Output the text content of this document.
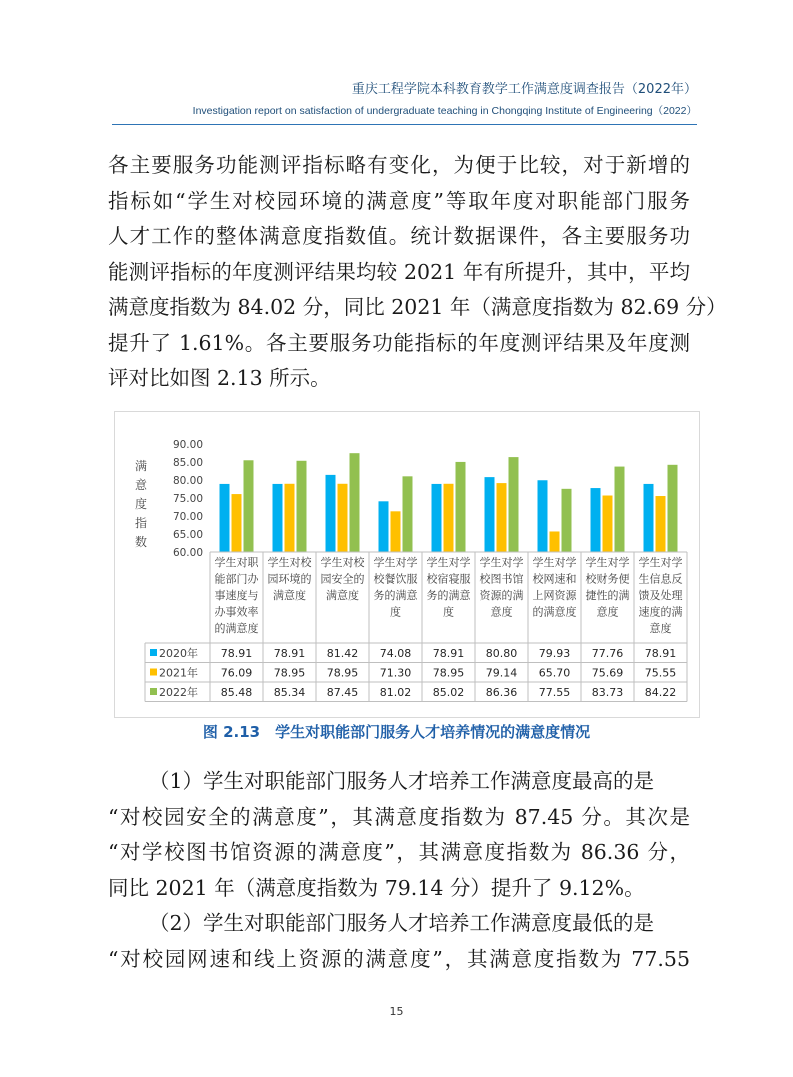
重庆工程学院本科教育教学工作满意度调查报告（2022年）
Investigation report on satisfaction of undergraduate teaching in Chongqing Institute of Engineering（2022）
各主要服务功能测评指标略有变化，为便于比较，对于新增的
指标如“学生对校园环境的满意度”等取年度对职能部门服务
人才工作的整体满意度指数值。统计数据课件，各主要服务功
能测评指标的年度测评结果均较 2021 年有所提升，其中，平均
满意度指数为 84.02 分，同比 2021 年（满意度指数为 82.69 分）
提升了 1.61%。各主要服务功能指标的年度测评结果及年度测
评对比如图 2.13 所示。
满
意
度
指
数
90.00
85.00
80.00
75.00
70.00
65.00
60.00
学生对职
能部门办
事速度与
办事效率
的满意度
学生对校
园环境的
满意度
学生对校
园安全的
满意度
学生对学
校餐饮服
务的满意
度
学生对学
校宿寝服
务的满意
度
学生对学
校图书馆
资源的满
意度
学生对学
校网速和
上网资源
的满意度
学生对学
校财务便
捷性的满
意度
学生对学
生信息反
馈及处理
速度的满
意度
2020年 78.91 78.91 81.42 74.08 78.91 80.80 79.93 77.76 78.91
2021年 76.09 78.95 78.95 71.30 78.95 79.14 65.70 75.69 75.55
2022年 85.48 85.34 87.45 81.02 85.02 86.36 77.55 83.73 84.22
图 2.13　学生对职能部门服务人才培养情况的满意度情况
（1）学生对职能部门服务人才培养工作满意度最高的是
“对校园安全的满意度”，其满意度指数为 87.45 分。其次是
“对学校图书馆资源的满意度”，其满意度指数为 86.36 分，
同比 2021 年（满意度指数为 79.14 分）提升了 9.12%。
（2）学生对职能部门服务人才培养工作满意度最低的是
“对校园网速和线上资源的满意度”，其满意度指数为 77.55
15
